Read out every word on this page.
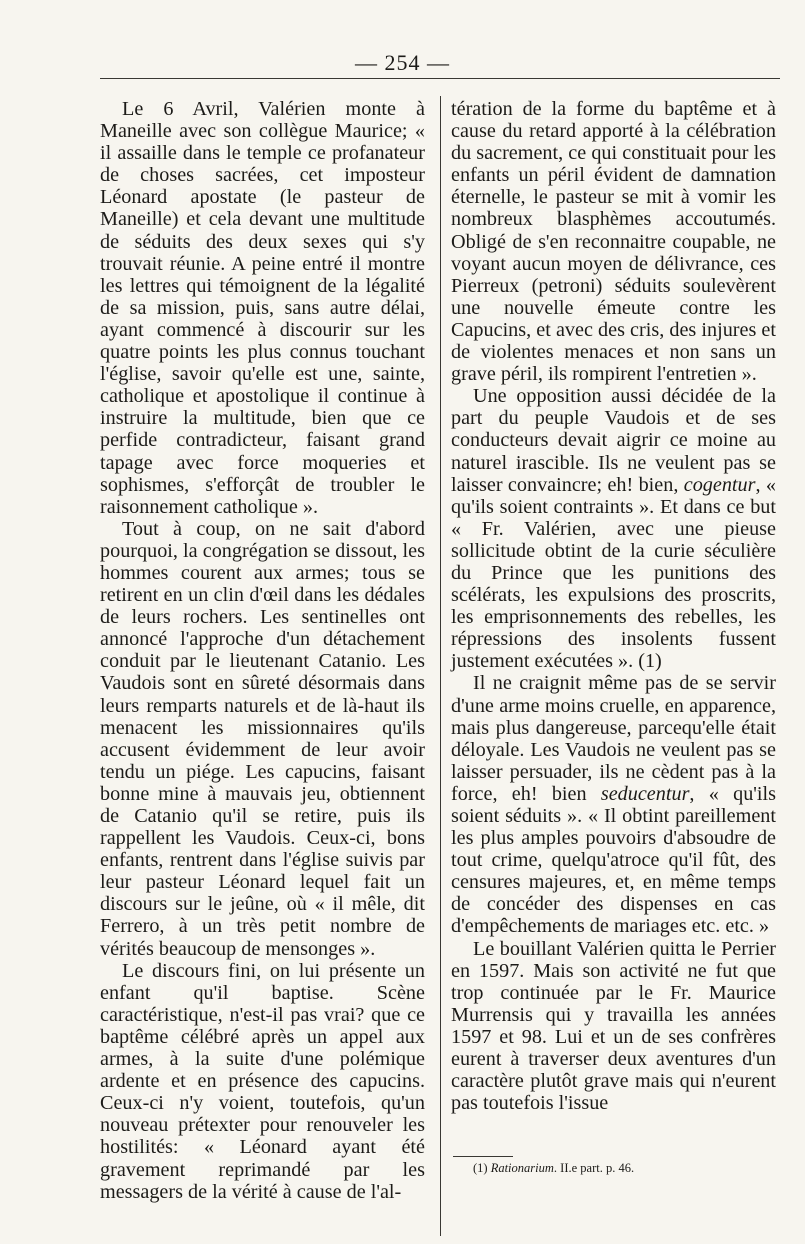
— 254 —

Le 6 Avril, Valérien monte à Maneille avec son collègue Maurice; « il assaille dans le temple ce profanateur de choses sacrées, cet imposteur Léonard apostate (le pasteur de Maneille) et cela devant une multitude de séduits des deux sexes qui s'y trouvait réunie. A peine entré il montre les lettres qui témoignent de la légalité de sa mission, puis, sans autre délai, ayant commencé à discourir sur les quatre points les plus connus touchant l'église, savoir qu'elle est une, sainte, catholique et apostolique il continue à instruire la multitude, bien que ce perfide contradicteur, faisant grand tapage avec force moqueries et sophismes, s'efforçât de troubler le raisonnement catholique ».

Tout à coup, on ne sait d'abord pourquoi, la congrégation se dissout, les hommes courent aux armes; tous se retirent en un clin d'œil dans les dédales de leurs rochers. Les sentinelles ont annoncé l'approche d'un détachement conduit par le lieutenant Catanio. Les Vaudois sont en sûreté désormais dans leurs remparts naturels et de là-haut ils menacent les missionnaires qu'ils accusent évidemment de leur avoir tendu un piége. Les capucins, faisant bonne mine à mauvais jeu, obtiennent de Catanio qu'il se retire, puis ils rappellent les Vaudois. Ceux-ci, bons enfants, rentrent dans l'église suivis par leur pasteur Léonard lequel fait un discours sur le jeûne, où « il mêle, dit Ferrero, à un très petit nombre de vérités beaucoup de mensonges ».

Le discours fini, on lui présente un enfant qu'il baptise. Scène caractéristique, n'est-il pas vrai? que ce baptême célébré après un appel aux armes, à la suite d'une polémique ardente et en présence des capucins. Ceux-ci n'y voient, toutefois, qu'un nouveau prétexter pour renouveler les hostilités: « Léonard ayant été gravement reprimandé par les messagers de la vérité à cause de l'al-

tération de la forme du baptême et à cause du retard apporté à la célébration du sacrement, ce qui constituait pour les enfants un péril évident de damnation éternelle, le pasteur se mit à vomir les nombreux blasphèmes accoutumés. Obligé de s'en reconnaitre coupable, ne voyant aucun moyen de délivrance, ces Pierreux (petroni) séduits soulevèrent une nouvelle émeute contre les Capucins, et avec des cris, des injures et de violentes menaces et non sans un grave péril, ils rompirent l'entretien ».

Une opposition aussi décidée de la part du peuple Vaudois et de ses conducteurs devait aigrir ce moine au naturel irascible. Ils ne veulent pas se laisser convaincre; eh! bien, cogentur, « qu'ils soient contraints ». Et dans ce but « Fr. Valérien, avec une pieuse sollicitude obtint de la curie séculière du Prince que les punitions des scélérats, les expulsions des proscrits, les emprisonnements des rebelles, les répressions des insolents fussent justement exécutées ». (1)

Il ne craignit même pas de se servir d'une arme moins cruelle, en apparence, mais plus dangereuse, parcequ'elle était déloyale. Les Vaudois ne veulent pas se laisser persuader, ils ne cèdent pas à la force, eh! bien seducentur, « qu'ils soient séduits ». « Il obtint pareillement les plus amples pouvoirs d'absoudre de tout crime, quelqu'atroce qu'il fût, des censures majeures, et, en même temps de concéder des dispenses en cas d'empêchements de mariages etc. etc. »

Le bouillant Valérien quitta le Perrier en 1597. Mais son activité ne fut que trop continuée par le Fr. Maurice Murrensis qui y travailla les années 1597 et 98. Lui et un de ses confrères eurent à traverser deux aventures d'un caractère plutôt grave mais qui n'eurent pas toutefois l'issue

(1) Rationarium. II.e part. p. 46.
